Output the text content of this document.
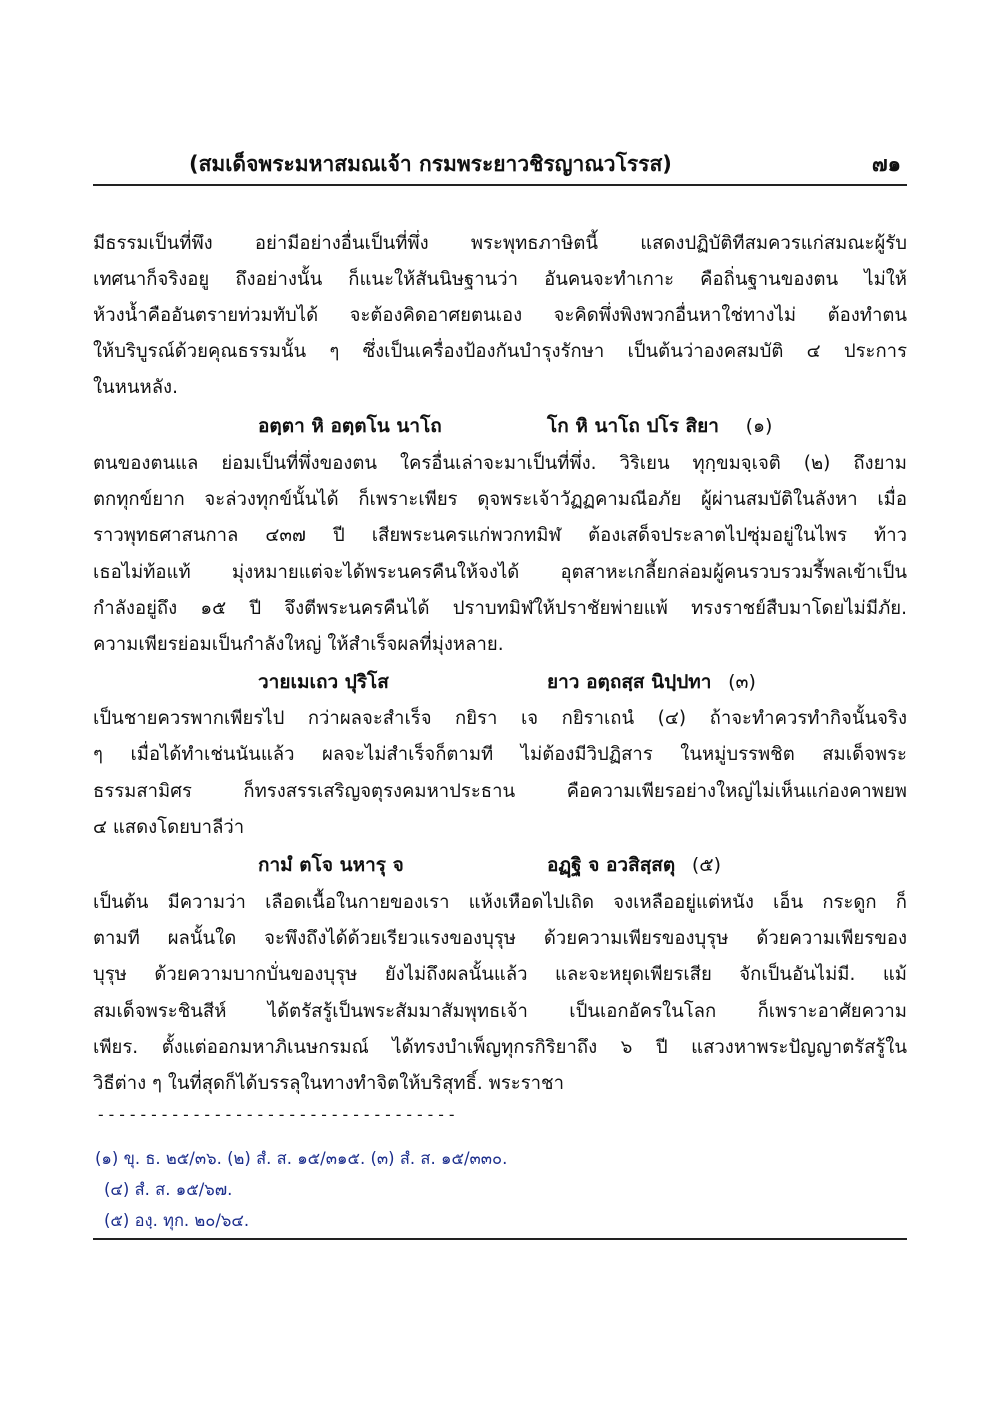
(สมเด็จพระมหาสมณเจ้า กรมพระยาวชิรญาณวโรรส)	๗๑
มีธรรมเป็นที่พึง อย่ามีอย่างอื่นเป็นที่พึ่ง พระพุทธภาษิตนี้ แสดงปฏิบัติทีสมควรแก่สมณะผู้รับ
เทศนาก็จริงอยู ถึงอย่างนั้น ก็แนะให้สันนิษฐานว่า อันคนจะทำเกาะ คือถิ่นฐานของตน ไม่ให้
ห้วงน้ำคืออันตรายท่วมทับได้ จะต้องคิดอาศยตนเอง จะคิดพึ่งพิงพวกอื่นหาใช่ทางไม่ ต้องทำตน
ให้บริบูรณ์ด้วยคุณธรรมนั้น ๆ ซึ่งเป็นเครื่องป้องกันบำรุงรักษา เป็นต้นว่าองคสมบัติ ๔ ประการ
ในหนหลัง.
อตฺตา หิ อตฺตโน นาโถ	โก หิ นาโถ ปโร สิยา (๑)
ตนของตนแล ย่อมเป็นที่พึ่งของตน ใครอื่นเล่าจะมาเป็นที่พึ่ง. วิริเยน ทุกฺขมจฺเจติ (๒) ถึงยาม
ตกทุกข์ยาก จะล่วงทุกข์นั้นได้ ก็เพราะเพียร ดุจพระเจ้าวัฏฏคามณีอภัย ผู้ผ่านสมบัติในลังหา เมื่อ
ราวพุทธศาสนกาล ๔๓๗ ปี เสียพระนครแก่พวกทมิฬ ต้องเสด็จประลาตไปซุ่มอยู่ในไพร ท้าว
เธอไม่ท้อแท้ มุ่งหมายแต่จะได้พระนครคืนให้จงได้ อุตสาหะเกลี้ยกล่อมผู้คนรวบรวมรี้พลเข้าเป็น
กำลังอยู่ถึง ๑๕ ปี จึงตีพระนครคืนได้ ปราบทมิฬให้ปราชัยพ่ายแพ้ ทรงราชย์สืบมาโดยไม่มีภัย.
ความเพียรย่อมเป็นกำลังใหญ่ ให้สำเร็จผลที่มุ่งหลาย.
วายเมเถว ปุริโส	ยาว อตฺถสฺส นิปฺปทา (๓)
เป็นชายควรพากเพียรไป กว่าผลจะสำเร็จ กยิรา เจ กยิราเถนํ (๔) ถ้าจะทำควรทำกิจนั้นจริง
ๆ เมื่อได้ทำเช่นนันแล้ว ผลจะไม่สำเร็จก็ตามที ไม่ต้องมีวิปฏิสาร ในหมู่บรรพชิต สมเด็จพระ
ธรรมสามิศร ก็ทรงสรรเสริญจตุรงคมหาประธาน คือความเพียรอย่างใหญ่ไม่เห็นแก่องคาพยพ
๔ แสดงโดยบาลีว่า
กามํ ตโจ นหารุ จ	อฏฺฐิ จ อวสิสฺสตุ (๕)
เป็นต้น มีความว่า เลือดเนื้อในกายของเรา แห้งเหือดไปเถิด จงเหลืออยู่แต่หนัง เอ็น กระดูก ก็
ตามที ผลนั้นใด จะพึงถึงได้ด้วยเรียวแรงของบุรุษ ด้วยความเพียรของบุรุษ ด้วยความเพียรของ
บุรุษ ด้วยความบากบั่นของบุรุษ ยังไม่ถึงผลนั้นแล้ว และจะหยุดเพียรเสีย จักเป็นอันไม่มี. แม้
สมเด็จพระชินสีห์ ได้ตรัสรู้เป็นพระสัมมาสัมพุทธเจ้า เป็นเอกอัครในโลก ก็เพราะอาศัยความ
เพียร. ตั้งแต่ออกมหาภิเนษกรมณ์ ได้ทรงบำเพ็ญทุกรกิริยาถึง ๖ ปี แสวงหาพระปัญญาตรัสรู้ใน
วิธีต่าง ๆ ในที่สุดก็ได้บรรลุในทางทำจิตให้บริสุทธิ์. พระราชา
----------------------------------
(๑) ขุ. ธ. ๒๕/๓๖. (๒) สํ. ส. ๑๕/๓๑๕. (๓) สํ. ส. ๑๕/๓๓๐.
(๔) สํ. ส. ๑๕/๖๗.
(๕) องฺ. ทุก. ๒๐/๖๔.
